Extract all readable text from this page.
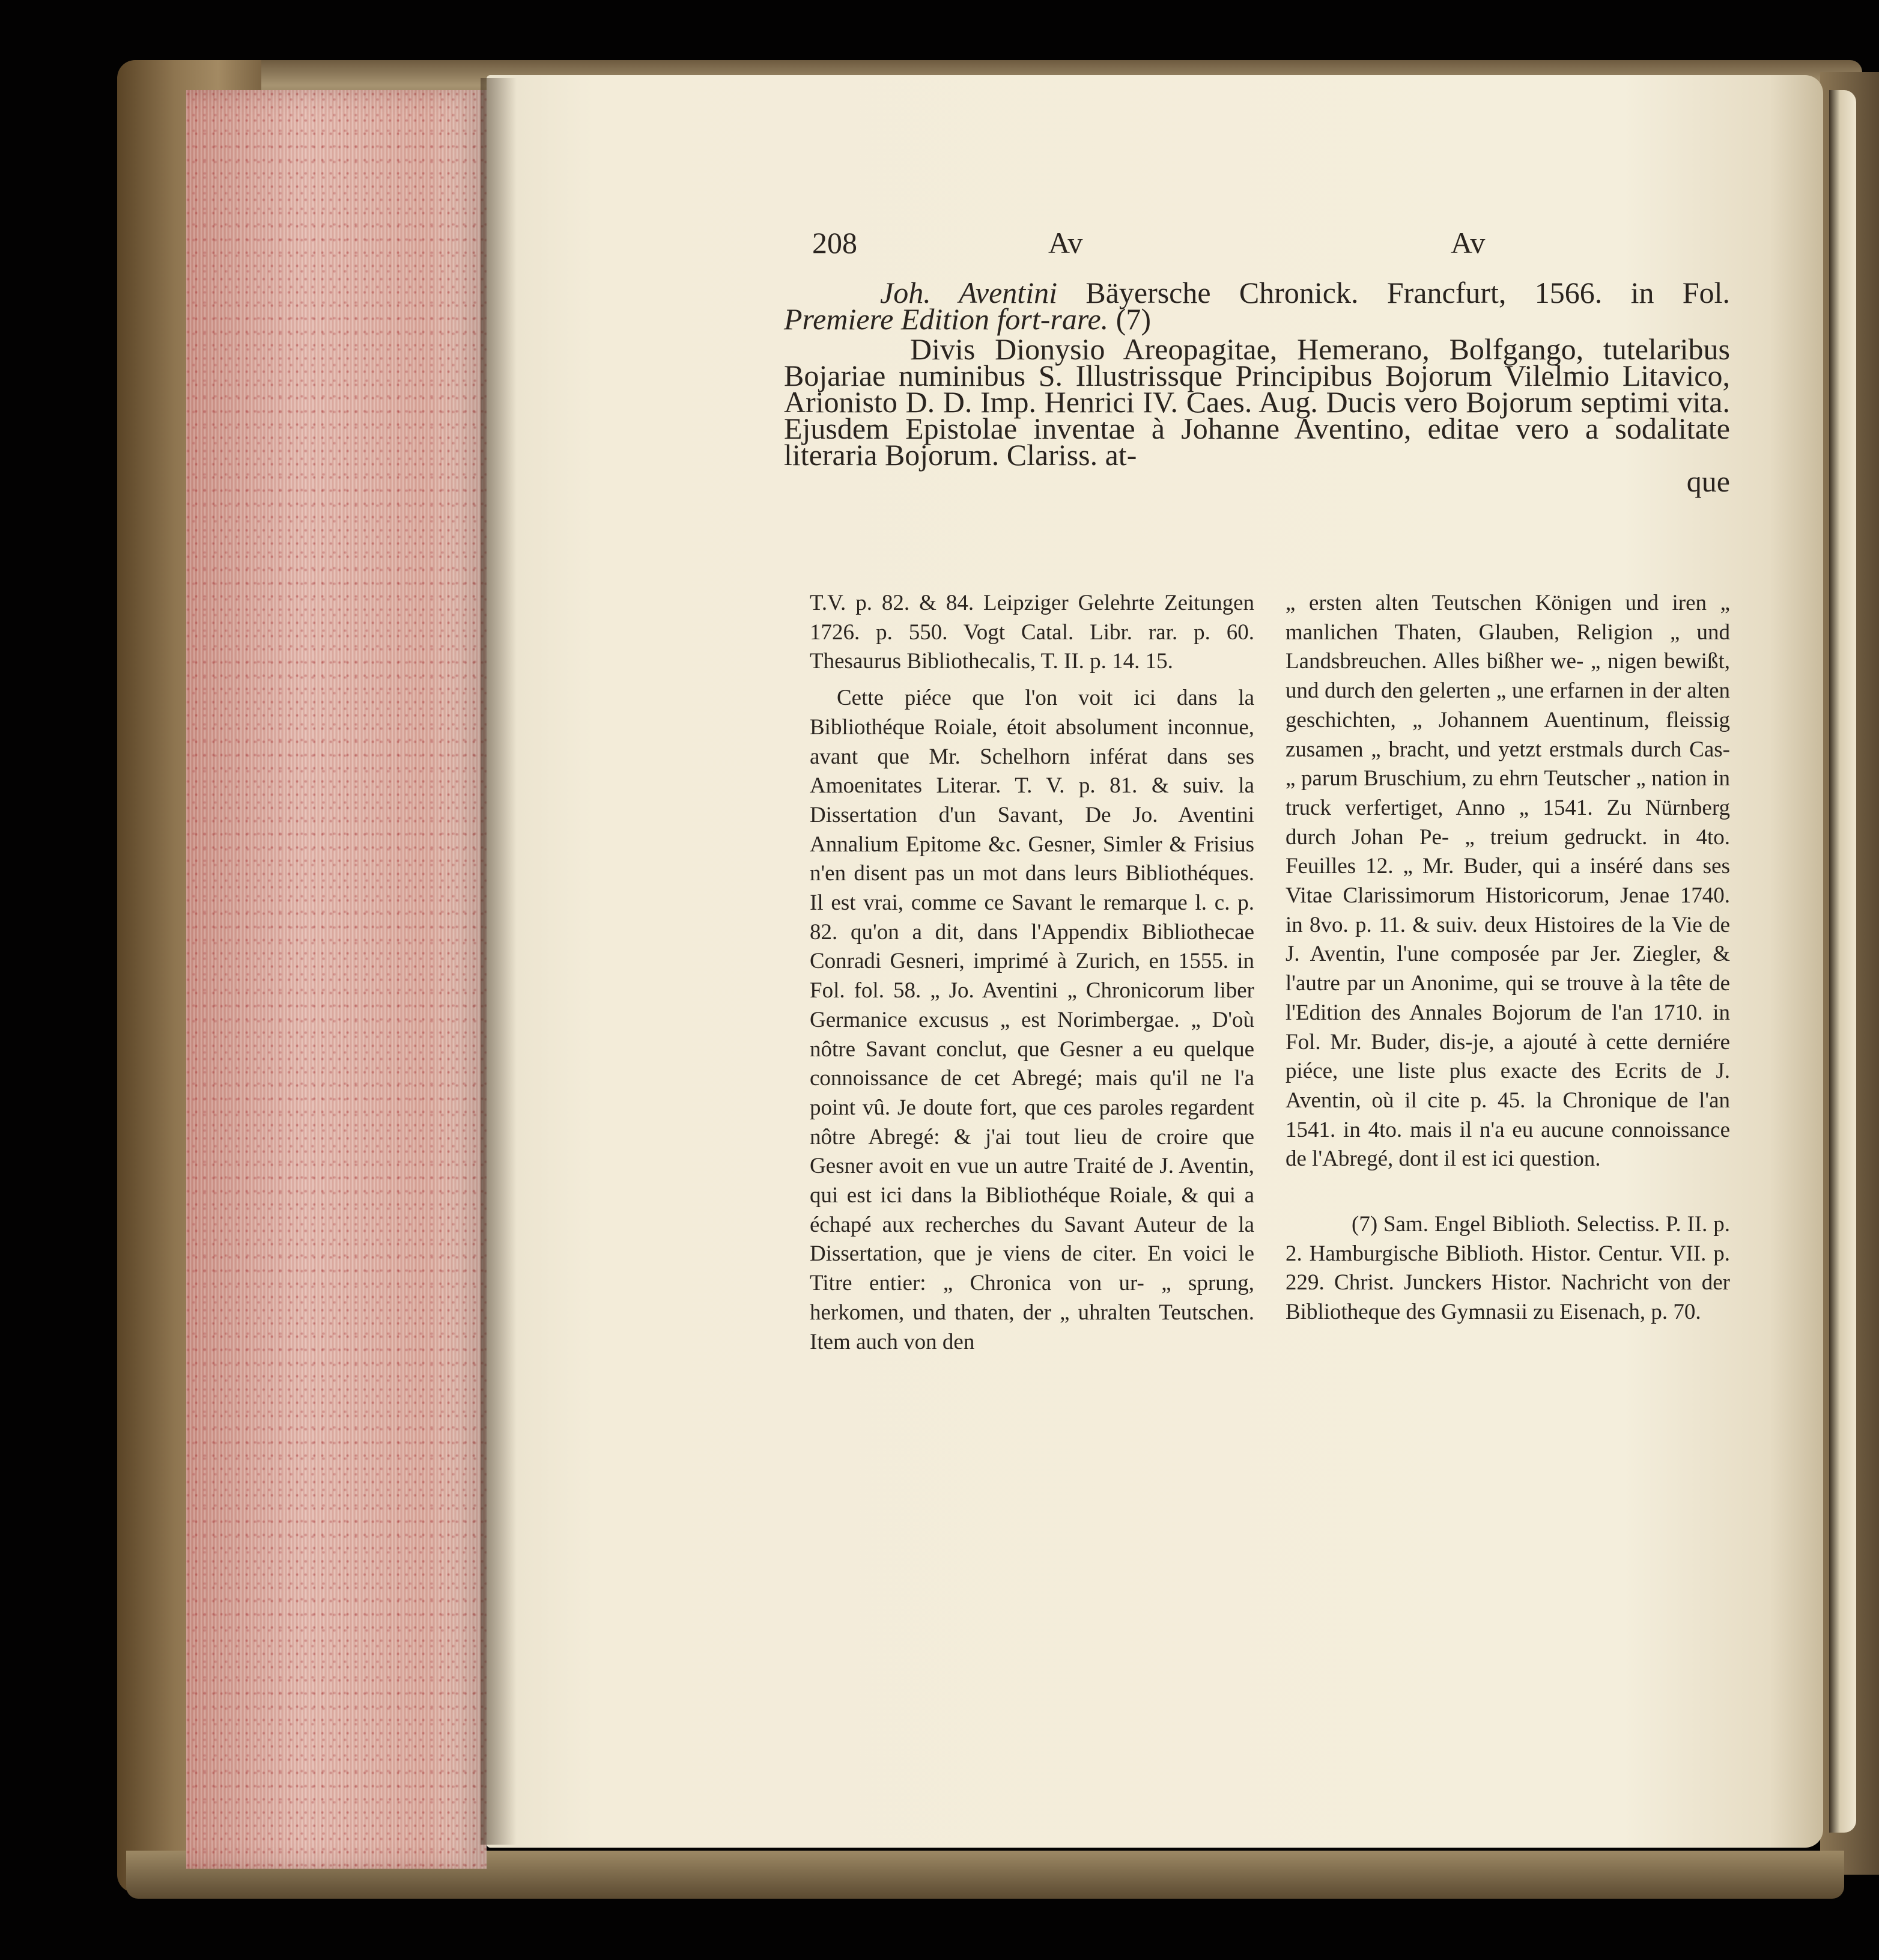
208	Av	Av
Joh. Aventini Bäyersche Chronick. Francfurt, 1566. in Fol.
Premiere Edition fort-rare. (7)
Divis Dionysio Areopagitae, Hemerano, Bolfgango, tutelaribus Bojariae numinibus S. Illustrissque Principibus Bojorum Vilelmio Litavico, Arionisto D. D. Imp. Henrici IV. Caes. Aug. Ducis vero Bojorum septimi vita. Ejusdem Epistolae inventae à Johanne Aventino, editae vero a sodalitate literaria Bojorum. Clariss. at-
que

T.V. p. 82. & 84. Leipziger Gelehrte Zeitungen 1726. p. 550. Vogt Catal. Libr. rar. p. 60. Thesaurus Bibliothecalis, T. II. p. 14. 15.

Cette piéce que l'on voit ici dans la Bibliothéque Roiale, étoit absolument inconnue, avant que Mr. Schelhorn inférat dans ses Amoenitates Literar. T. V. p. 81. & suiv. la Dissertation d'un Savant, De Jo. Aventini Annalium Epitome &c. Gesner, Simler & Frisius n'en disent pas un mot dans leurs Bibliothéques. Il est vrai, comme ce Savant le remarque l. c. p. 82. qu'on a dit, dans l'Appendix Bibliothecae Conradi Gesneri, imprimé à Zurich, en 1555. in Fol. fol. 58. „ Jo. Aventini „ Chronicorum liber Germanice excusus „ est Norimbergae. „ D'où nôtre Savant conclut, que Gesner a eu quelque connoissance de cet Abregé; mais qu'il ne l'a point vû. Je doute fort, que ces paroles regardent nôtre Abregé: & j'ai tout lieu de croire que Gesner avoit en vue un autre Traité de J. Aventin, qui est ici dans la Bibliothéque Roiale, & qui a échapé aux recherches du Savant Auteur de la Dissertation, que je viens de citer. En voici le Titre entier: „ Chronica von ur- „ sprung, herkomen, und thaten, der „ uhralten Teutschen. Item auch von den

„ ersten alten Teutschen Königen und iren „ manlichen Thaten, Glauben, Religion „ und Landsbreuchen. Alles bißher we- „ nigen bewißt, und durch den gelerten „ une erfarnen in der alten geschichten, „ Johannem Auentinum, fleissig zusamen „ bracht, und yetzt erstmals durch Cas- „ parum Bruschium, zu ehrn Teutscher „ nation in truck verfertiget, Anno „ 1541. Zu Nürnberg durch Johan Pe- „ treium gedruckt. in 4to. Feuilles 12. „ Mr. Buder, qui a inséré dans ses Vitae Clarissimorum Historicorum, Jenae 1740. in 8vo. p. 11. & suiv. deux Histoires de la Vie de J. Aventin, l'une composée par Jer. Ziegler, & l'autre par un Anonime, qui se trouve à la tête de l'Edition des Annales Bojorum de l'an 1710. in Fol. Mr. Buder, dis-je, a ajouté à cette derniére piéce, une liste plus exacte des Ecrits de J. Aventin, où il cite p. 45. la Chronique de l'an 1541. in 4to. mais il n'a eu aucune connoissance de l'Abregé, dont il est ici question.

(7) Sam. Engel Biblioth. Selectiss. P. II. p. 2. Hamburgische Biblioth. Histor. Centur. VII. p. 229. Christ. Junckers Histor. Nachricht von der Bibliotheque des Gymnasii zu Eisenach, p. 70.
